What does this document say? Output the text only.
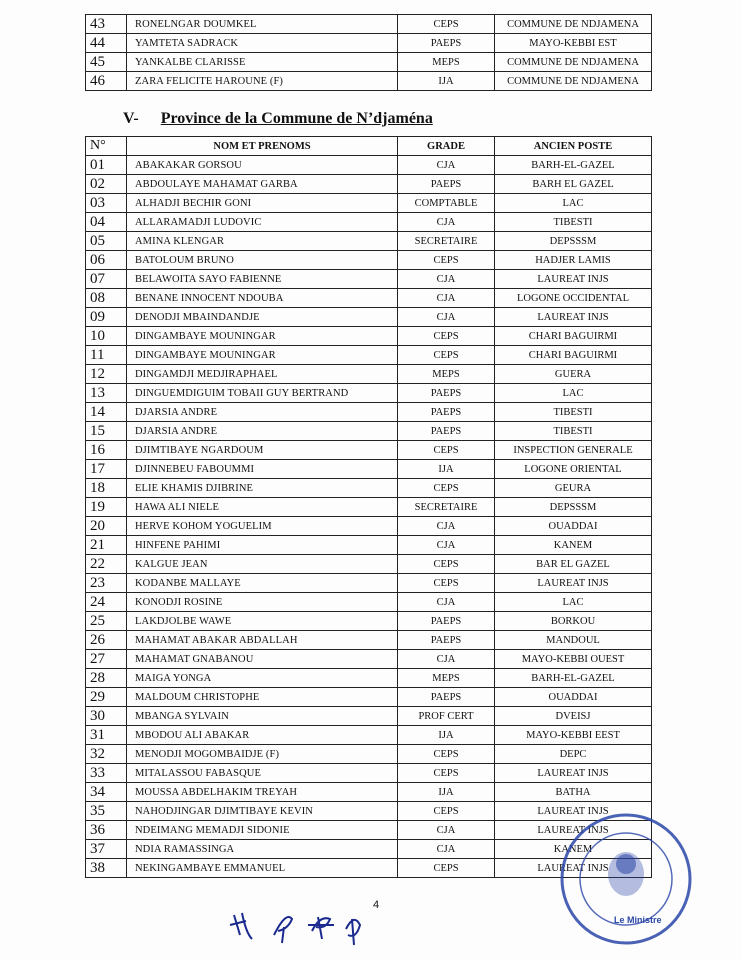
43	RONELNGAR DOUMKEL	CEPS	COMMUNE DE NDJAMENA
44	YAMTETA SADRACK	PAEPS	MAYO-KEBBI EST
45	YANKALBE CLARISSE	MEPS	COMMUNE DE NDJAMENA
46	ZARA FELICITE HAROUNE (F)	IJA	COMMUNE DE NDJAMENA
V- Province de la Commune de N’djaména
N°	NOM ET PRENOMS	GRADE	ANCIEN POSTE
01	ABAKAKAR GORSOU	CJA	BARH-EL-GAZEL
02	ABDOULAYE MAHAMAT GARBA	PAEPS	BARH EL GAZEL
03	ALHADJI BECHIR GONI	COMPTABLE	LAC
04	ALLARAMADJI LUDOVIC	CJA	TIBESTI
05	AMINA KLENGAR	SECRETAIRE	DEPSSSM
06	BATOLOUM BRUNO	CEPS	HADJER LAMIS
07	BELAWOITA SAYO FABIENNE	CJA	LAUREAT INJS
08	BENANE INNOCENT NDOUBA	CJA	LOGONE OCCIDENTAL
09	DENODJI MBAINDANDJE	CJA	LAUREAT INJS
10	DINGAMBAYE MOUNINGAR	CEPS	CHARI BAGUIRMI
11	DINGAMBAYE MOUNINGAR	CEPS	CHARI BAGUIRMI
12	DINGAMDJI MEDJIRAPHAEL	MEPS	GUERA
13	DINGUEMDIGUIM TOBAII GUY BERTRAND	PAEPS	LAC
14	DJARSIA ANDRE	PAEPS	TIBESTI
15	DJARSIA ANDRE	PAEPS	TIBESTI
16	DJIMTIBAYE NGARDOUM	CEPS	INSPECTION GENERALE
17	DJINNEBEU FABOUMMI	IJA	LOGONE ORIENTAL
18	ELIE KHAMIS DJIBRINE	CEPS	GEURA
19	HAWA ALI NIELE	SECRETAIRE	DEPSSSM
20	HERVE KOHOM YOGUELIM	CJA	OUADDAI
21	HINFENE PAHIMI	CJA	KANEM
22	KALGUE JEAN	CEPS	BAR EL GAZEL
23	KODANBE MALLAYE	CEPS	LAUREAT INJS
24	KONODJI ROSINE	CJA	LAC
25	LAKDJOLBE WAWE	PAEPS	BORKOU
26	MAHAMAT ABAKAR ABDALLAH	PAEPS	MANDOUL
27	MAHAMAT GNABANOU	CJA	MAYO-KEBBI OUEST
28	MAIGA YONGA	MEPS	BARH-EL-GAZEL
29	MALDOUM CHRISTOPHE	PAEPS	OUADDAI
30	MBANGA SYLVAIN	PROF CERT	DVEISJ
31	MBODOU ALI ABAKAR	IJA	MAYO-KEBBI EEST
32	MENODJI MOGOMBAIDJE (F)	CEPS	DEPC
33	MITALASSOU FABASQUE	CEPS	LAUREAT INJS
34	MOUSSA ABDELHAKIM TREYAH	IJA	BATHA
35	NAHODJINGAR DJIMTIBAYE KEVIN	CEPS	LAUREAT INJS
36	NDEIMANG MEMADJI SIDONIE	CJA	LAUREAT INJS
37	NDIA RAMASSINGA	CJA	KANEM
38	NEKINGAMBAYE EMMANUEL	CEPS	LAUREAT INJS
4
Le Ministre
